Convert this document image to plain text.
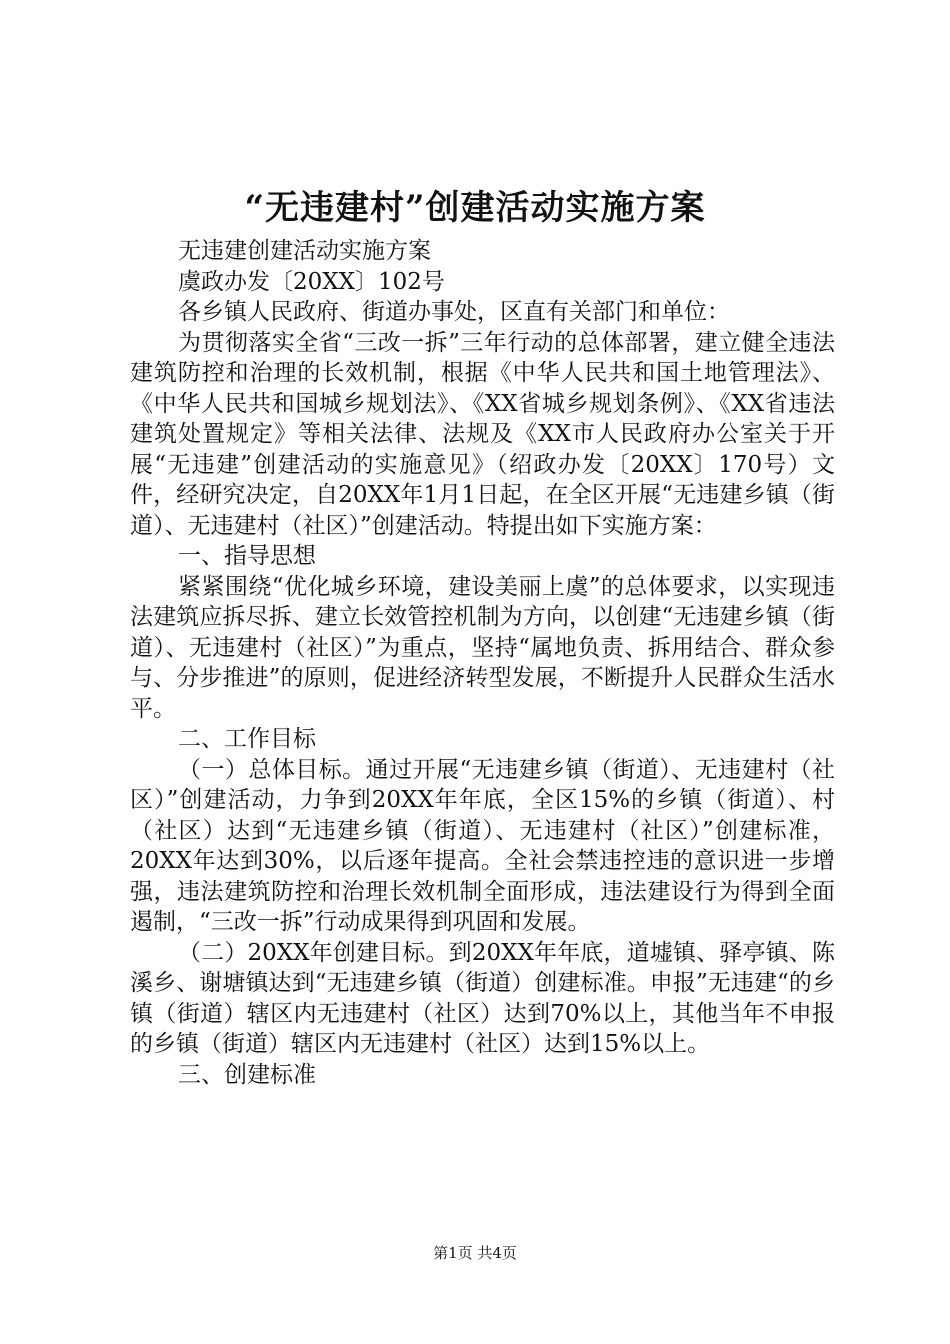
“无违建村”创建活动实施方案

无违建创建活动实施方案

虞政办发〔20XX〕102号

各乡镇人民政府、街道办事处，区直有关部门和单位：

为贯彻落实全省“三改一拆”三年行动的总体部署，建立健全违法建筑防控和治理的长效机制，根据《中华人民共和国土地管理法》、《中华人民共和国城乡规划法》、《XX省城乡规划条例》、《XX省违法建筑处置规定》等相关法律、法规及《XX市人民政府办公室关于开展“无违建”创建活动的实施意见》（绍政办发〔20XX〕170号）文件，经研究决定，自20XX年1月1日起，在全区开展“无违建乡镇（街道）、无违建村（社区）”创建活动。特提出如下实施方案：

一、指导思想

紧紧围绕“优化城乡环境，建设美丽上虞”的总体要求，以实现违法建筑应拆尽拆、建立长效管控机制为方向，以创建“无违建乡镇（街道）、无违建村（社区）”为重点，坚持“属地负责、拆用结合、群众参与、分步推进”的原则，促进经济转型发展，不断提升人民群众生活水平。

二、工作目标

（一）总体目标。通过开展“无违建乡镇（街道）、无违建村（社区）”创建活动，力争到20XX年年底，全区15%的乡镇（街道）、村（社区）达到“无违建乡镇（街道）、无违建村（社区）”创建标准，20XX年达到30%，以后逐年提高。全社会禁违控违的意识进一步增强，违法建筑防控和治理长效机制全面形成，违法建设行为得到全面遏制，“三改一拆”行动成果得到巩固和发展。

（二）20XX年创建目标。到20XX年年底，道墟镇、驿亭镇、陈溪乡、谢塘镇达到“无违建乡镇（街道）创建标准。申报”无违建“的乡镇（街道）辖区内无违建村（社区）达到70%以上，其他当年不申报的乡镇（街道）辖区内无违建村（社区）达到15%以上。

三、创建标准

第1页 共4页
